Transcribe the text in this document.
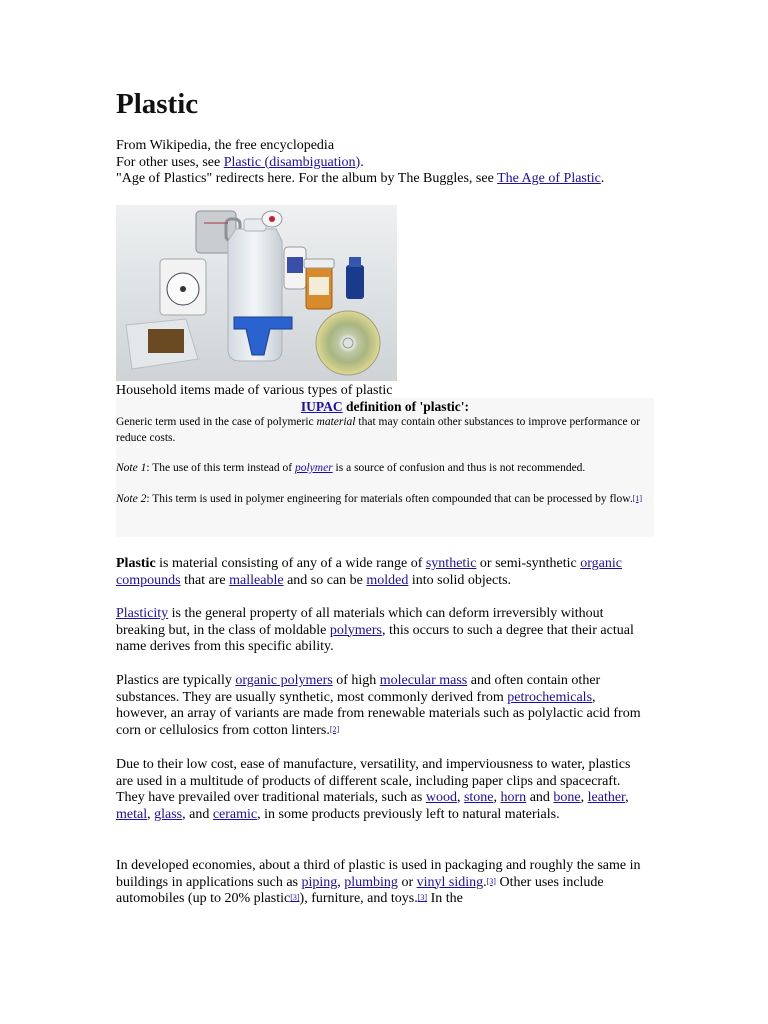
Plastic
From Wikipedia, the free encyclopedia
For other uses, see Plastic (disambiguation).
"Age of Plastics" redirects here. For the album by The Buggles, see The Age of Plastic.
Household items made of various types of plastic
IUPAC definition of 'plastic':

Generic term used in the case of polymeric material that may contain other substances to improve performance or reduce costs.

Note 1: The use of this term instead of polymer is a source of confusion and thus is not recommended.

Note 2: This term is used in polymer engineering for materials often compounded that can be processed by flow.[1]

Plastic is material consisting of any of a wide range of synthetic or semi-synthetic organic compounds that are malleable and so can be molded into solid objects.

Plasticity is the general property of all materials which can deform irreversibly without breaking but, in the class of moldable polymers, this occurs to such a degree that their actual name derives from this specific ability.

Plastics are typically organic polymers of high molecular mass and often contain other substances. They are usually synthetic, most commonly derived from petrochemicals, however, an array of variants are made from renewable materials such as polylactic acid from corn or cellulosics from cotton linters.[2]

Due to their low cost, ease of manufacture, versatility, and imperviousness to water, plastics are used in a multitude of products of different scale, including paper clips and spacecraft. They have prevailed over traditional materials, such as wood, stone, horn and bone, leather, metal, glass, and ceramic, in some products previously left to natural materials.

In developed economies, about a third of plastic is used in packaging and roughly the same in buildings in applications such as piping, plumbing or vinyl siding.[3] Other uses include automobiles (up to 20% plastic[3]), furniture, and toys.[3] In the
